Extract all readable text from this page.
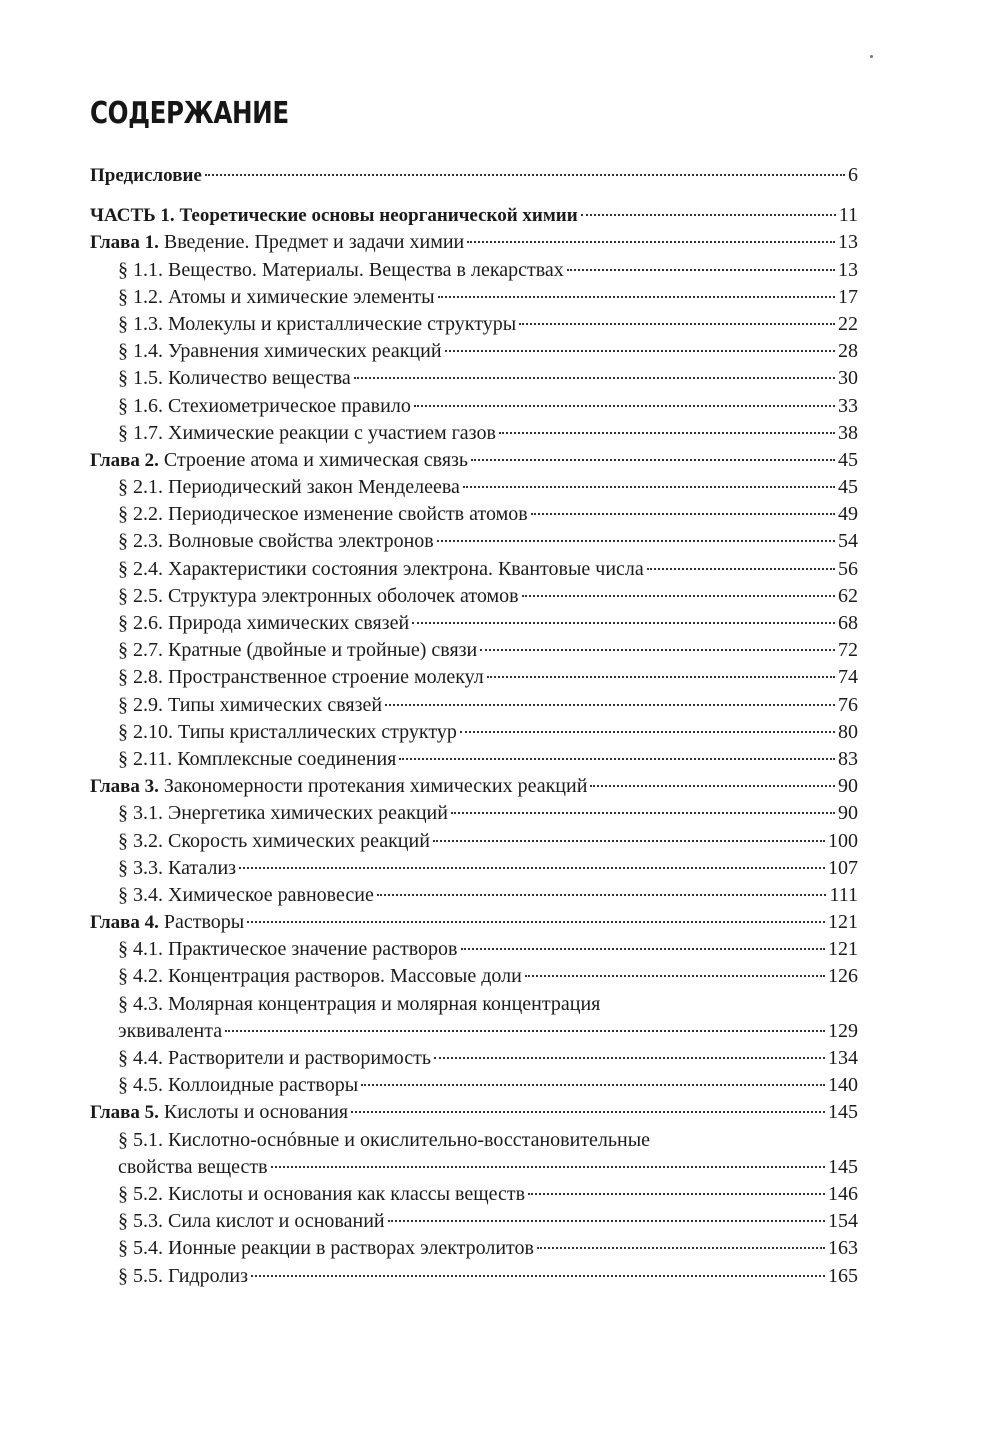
СОДЕРЖАНИЕ
Предисловие	6
ЧАСТЬ 1. Теоретические основы неорганической химии	11
Глава 1. Введение. Предмет и задачи химии	13
§ 1.1. Вещество. Материалы. Вещества в лекарствах	13
§ 1.2. Атомы и химические элементы	17
§ 1.3. Молекулы и кристаллические структуры	22
§ 1.4. Уравнения химических реакций	28
§ 1.5. Количество вещества	30
§ 1.6. Стехиометрическое правило	33
§ 1.7. Химические реакции с участием газов	38
Глава 2. Строение атома и химическая связь	45
§ 2.1. Периодический закон Менделеева	45
§ 2.2. Периодическое изменение свойств атомов	49
§ 2.3. Волновые свойства электронов	54
§ 2.4. Характеристики состояния электрона. Квантовые числа	56
§ 2.5. Структура электронных оболочек атомов	62
§ 2.6. Природа химических связей	68
§ 2.7. Кратные (двойные и тройные) связи	72
§ 2.8. Пространственное строение молекул	74
§ 2.9. Типы химических связей	76
§ 2.10. Типы кристаллических структур	80
§ 2.11. Комплексные соединения	83
Глава 3. Закономерности протекания химических реакций	90
§ 3.1. Энергетика химических реакций	90
§ 3.2. Скорость химических реакций	100
§ 3.3. Катализ	107
§ 3.4. Химическое равновесие	111
Глава 4. Растворы	121
§ 4.1. Практическое значение растворов	121
§ 4.2. Концентрация растворов. Массовые доли	126
§ 4.3. Молярная концентрация и молярная концентрация
эквивалента	129
§ 4.4. Растворители и растворимость	134
§ 4.5. Коллоидные растворы	140
Глава 5. Кислоты и основания	145
§ 5.1. Кислотно-оснóвные и окислительно-восстановительные
свойства веществ	145
§ 5.2. Кислоты и основания как классы веществ	146
§ 5.3. Сила кислот и оснований	154
§ 5.4. Ионные реакции в растворах электролитов	163
§ 5.5. Гидролиз	165
